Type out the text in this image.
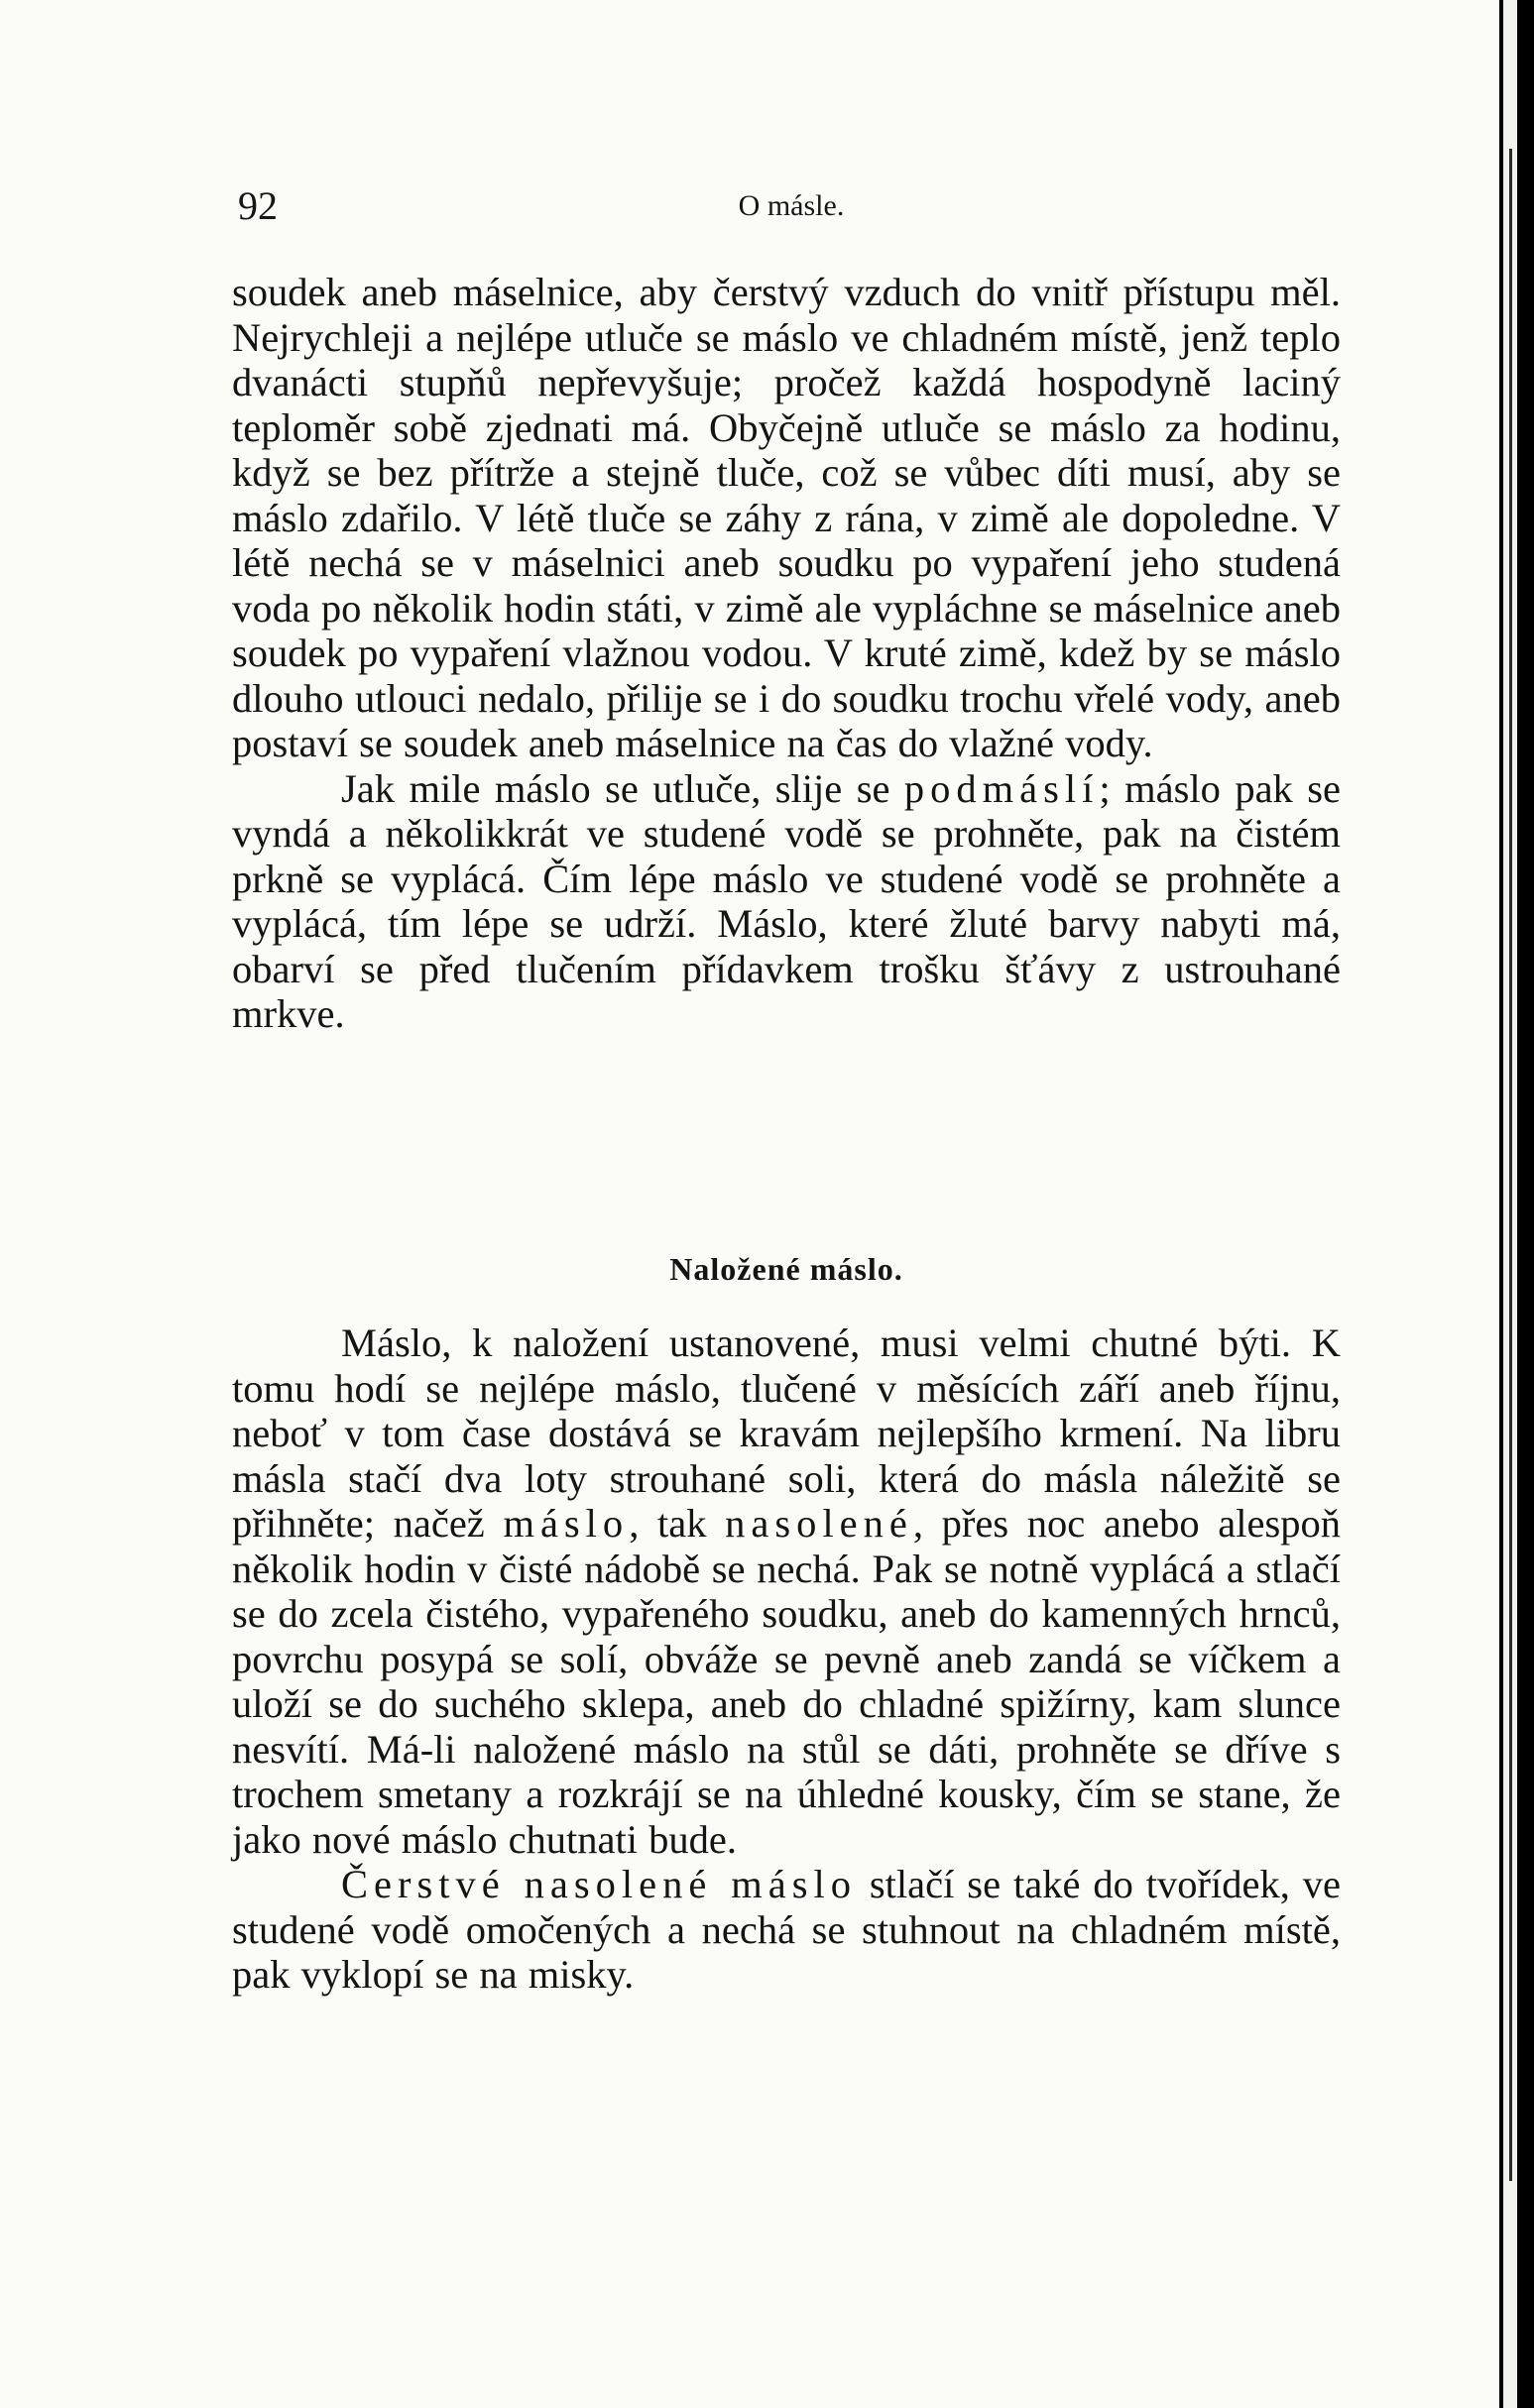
92	O másle.

soudek aneb máselnice, aby čerstvý vzduch do vnitř přístupu měl. Nejrychleji a nejlépe utluče se máslo ve chladném místě, jenž teplo dvanácti stupňů nepřevyšuje; pročež každá hospodyně laciný teploměr sobě zjednati má. Obyčejně utluče se máslo za hodinu, když se bez přítrže a stejně tluče, což se vůbec díti musí, aby se máslo zdařilo. V létě tluče se záhy z rána, v zimě ale dopoledne. V létě nechá se v máselnici aneb soudku po vypaření jeho studená voda po několik hodin státi, v zimě ale vypláchne se máselnice aneb soudek po vypaření vlažnou vodou. V kruté zimě, kdež by se máslo dlouho utlouci nedalo, přilije se i do soudku trochu vřelé vody, aneb postaví se soudek aneb máselnice na čas do vlažné vody.

Jak mile máslo se utluče, slije se podmáslí; máslo pak se vyndá a několikkrát ve studené vodě se prohněte, pak na čistém prkně se vyplácá. Čím lépe máslo ve studené vodě se prohněte a vyplácá, tím lépe se udrží. Máslo, které žluté barvy nabyti má, obarví se před tlučením přídavkem trošku šťávy z ustrouhané mrkve.

Naložené máslo.

Máslo, k naložení ustanovené, musi velmi chutné býti. K tomu hodí se nejlépe máslo, tlučené v měsících září aneb říjnu, neboť v tom čase dostává se kravám nejlepšího krmení. Na libru másla stačí dva loty strouhané soli, která do másla náležitě se přihněte; načež máslo, tak nasolené, přes noc anebo alespoň několik hodin v čisté nádobě se nechá. Pak se notně vyplácá a stlačí se do zcela čistého, vypařeného soudku, aneb do kamenných hrnců, povrchu posypá se solí, obváže se pevně aneb zandá se víčkem a uloží se do suchého sklepa, aneb do chladné spižírny, kam slunce nesvítí. Má-li naložené máslo na stůl se dáti, prohněte se dříve s trochem smetany a rozkrájí se na úhledné kousky, čím se stane, že jako nové máslo chutnati bude.

Čerstvé nasolené máslo stlačí se také do tvořídek, ve studené vodě omočených a nechá se stuhnout na chladném místě, pak vyklopí se na misky.
